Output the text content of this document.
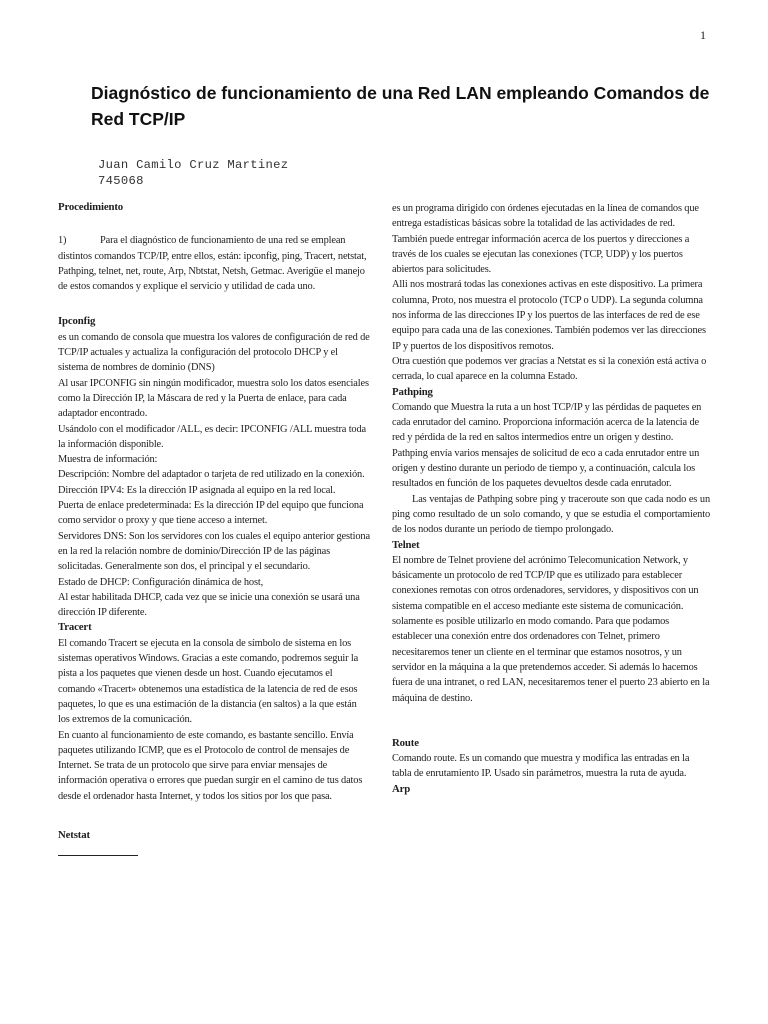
1
Diagnóstico de funcionamiento de una Red LAN empleando Comandos de Red TCP/IP
Juan Camilo Cruz Martinez
745068
Procedimiento

1)	Para el diagnóstico de funcionamiento de una red se emplean distintos comandos TCP/IP, entre ellos, están: ipconfig, ping, Tracert, netstat, Pathping, telnet, net, route, Arp, Nbtstat, Netsh, Getmac. Averigüe el manejo de estos comandos y explique el servicio y utilidad de cada uno.

Ipconfig

es un comando de consola que muestra los valores de configuración de red de TCP/IP actuales y actualiza la configuración del protocolo DHCP y el sistema de nombres de dominio (DNS)

Al usar IPCONFIG sin ningún modificador, muestra solo los datos esenciales como la Dirección IP, la Máscara de red y la Puerta de enlace, para cada adaptador encontrado.

Usándolo con el modificador /ALL, es decir: IPCONFIG /ALL muestra toda la información disponible.

Muestra de información:

Descripción: Nombre del adaptador o tarjeta de red utilizado en la conexión.

Dirección IPV4: Es la dirección IP asignada al equipo en la red local.

Puerta de enlace predeterminada: Es la dirección IP del equipo que funciona como servidor o proxy y que tiene acceso a internet.

Servidores DNS: Son los servidores con los cuales el equipo anterior gestiona en la red la relación nombre de dominio/Dirección IP de las páginas solicitadas. Generalmente son dos, el principal y el secundario.

Estado de DHCP: Configuración dinámica de host,

Al estar habilitada DHCP, cada vez que se inicie una conexión se usará una dirección IP diferente.

Tracert

El comando Tracert se ejecuta en la consola de símbolo de sistema en los sistemas operativos Windows. Gracias a este comando, podremos seguir la pista a los paquetes que vienen desde un host. Cuando ejecutamos el comando «Tracert» obtenemos una estadística de la latencia de red de esos paquetes, lo que es una estimación de la distancia (en saltos) a la que están los extremos de la comunicación.

En cuanto al funcionamiento de este comando, es bastante sencillo. Envía paquetes utilizando ICMP, que es el Protocolo de control de mensajes de Internet. Se trata de un protocolo que sirve para enviar mensajes de información operativa o errores que puedan surgir en el camino de tus datos desde el ordenador hasta Internet, y todos los sitios por los que pasa.

Netstat

es un programa dirigido con órdenes ejecutadas en la línea de comandos que entrega estadísticas básicas sobre la totalidad de las actividades de red. También puede entregar información acerca de los puertos y direcciones a través de los cuales se ejecutan las conexiones (TCP, UDP) y los puertos abiertos para solicitudes.

Alli nos mostrará todas las conexiones activas en este dispositivo. La primera columna, Proto, nos muestra el protocolo (TCP o UDP). La segunda columna nos informa de las direcciones IP y los puertos de las interfaces de red de ese equipo para cada una de las conexiones. También podemos ver las direcciones IP y puertos de los dispositivos remotos.

Otra cuestión que podemos ver gracias a Netstat es si la conexión está activa o cerrada, lo cual aparece en la columna Estado.

Pathping

Comando que Muestra la ruta a un host TCP/IP y las pérdidas de paquetes en cada enrutador del camino. Proporciona información acerca de la latencia de red y pérdida de la red en saltos intermedios entre un origen y destino. Pathping envía varios mensajes de solicitud de eco a cada enrutador entre un origen y destino durante un periodo de tiempo y, a continuación, calcula los resultados en función de los paquetes devueltos desde cada enrutador.

Las ventajas de Pathping sobre ping y traceroute son que cada nodo es un ping como resultado de un solo comando, y que se estudia el comportamiento de los nodos durante un periodo de tiempo prolongado.

Telnet

El nombre de Telnet proviene del acrónimo Telecomunication Network, y básicamente un protocolo de red TCP/IP que es utilizado para establecer conexiones remotas con otros ordenadores, servidores, y dispositivos con un sistema compatible en el acceso mediante este sistema de comunicación.

solamente es posible utilizarlo en modo comando. Para que podamos establecer una conexión entre dos ordenadores con Telnet, primero necesitaremos tener un cliente en el terminar que estamos nosotros, y un servidor en la máquina a la que pretendemos acceder. Si además lo hacemos fuera de una intranet, o red LAN, necesitaremos tener el puerto 23 abierto en la máquina de destino.

Route

Comando route. Es un comando que muestra y modifica las entradas en la tabla de enrutamiento IP. Usado sin parámetros, muestra la ruta de ayuda.

Arp
